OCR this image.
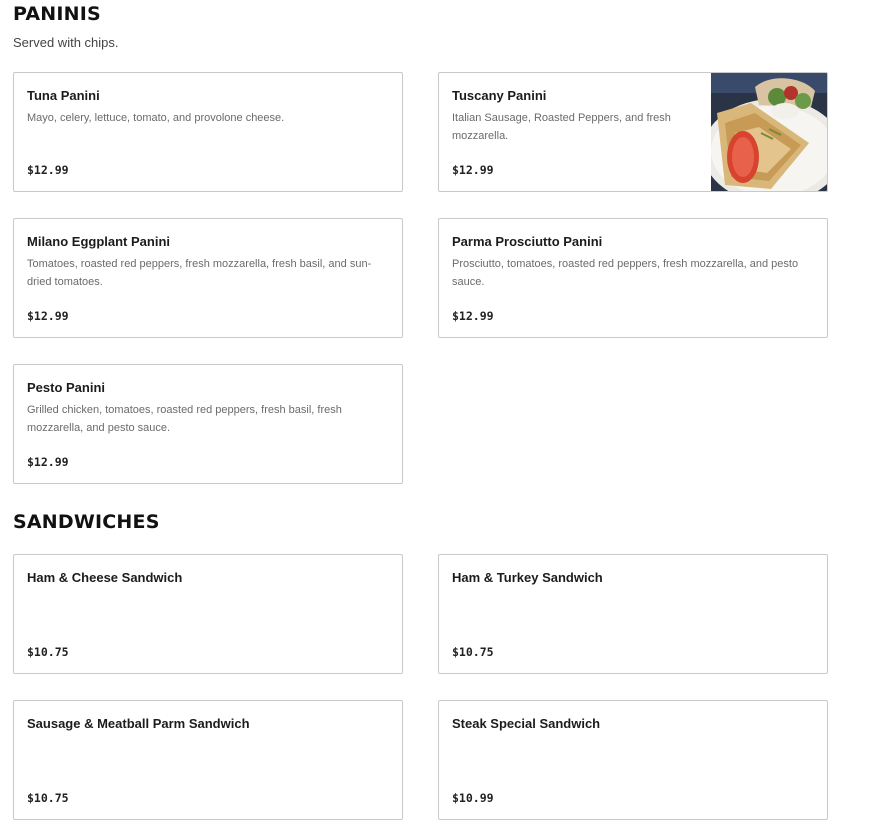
PANINIS

Served with chips.

Tuna Panini

Mayo, celery, lettuce, tomato, and provolone cheese.

$12.99

Tuscany Panini

Italian Sausage, Roasted Peppers, and fresh mozzarella.

$12.99

Milano Eggplant Panini

Tomatoes, roasted red peppers, fresh mozzarella, fresh basil, and sun-dried tomatoes.

$12.99

Parma Prosciutto Panini

Prosciutto, tomatoes, roasted red peppers, fresh mozzarella, and pesto sauce.

$12.99

Pesto Panini

Grilled chicken, tomatoes, roasted red peppers, fresh basil, fresh mozzarella, and pesto sauce.

$12.99

SANDWICHES

Ham & Cheese Sandwich

$10.75

Ham & Turkey Sandwich

$10.75

Sausage & Meatball Parm Sandwich

$10.75

Steak Special Sandwich

$10.99
